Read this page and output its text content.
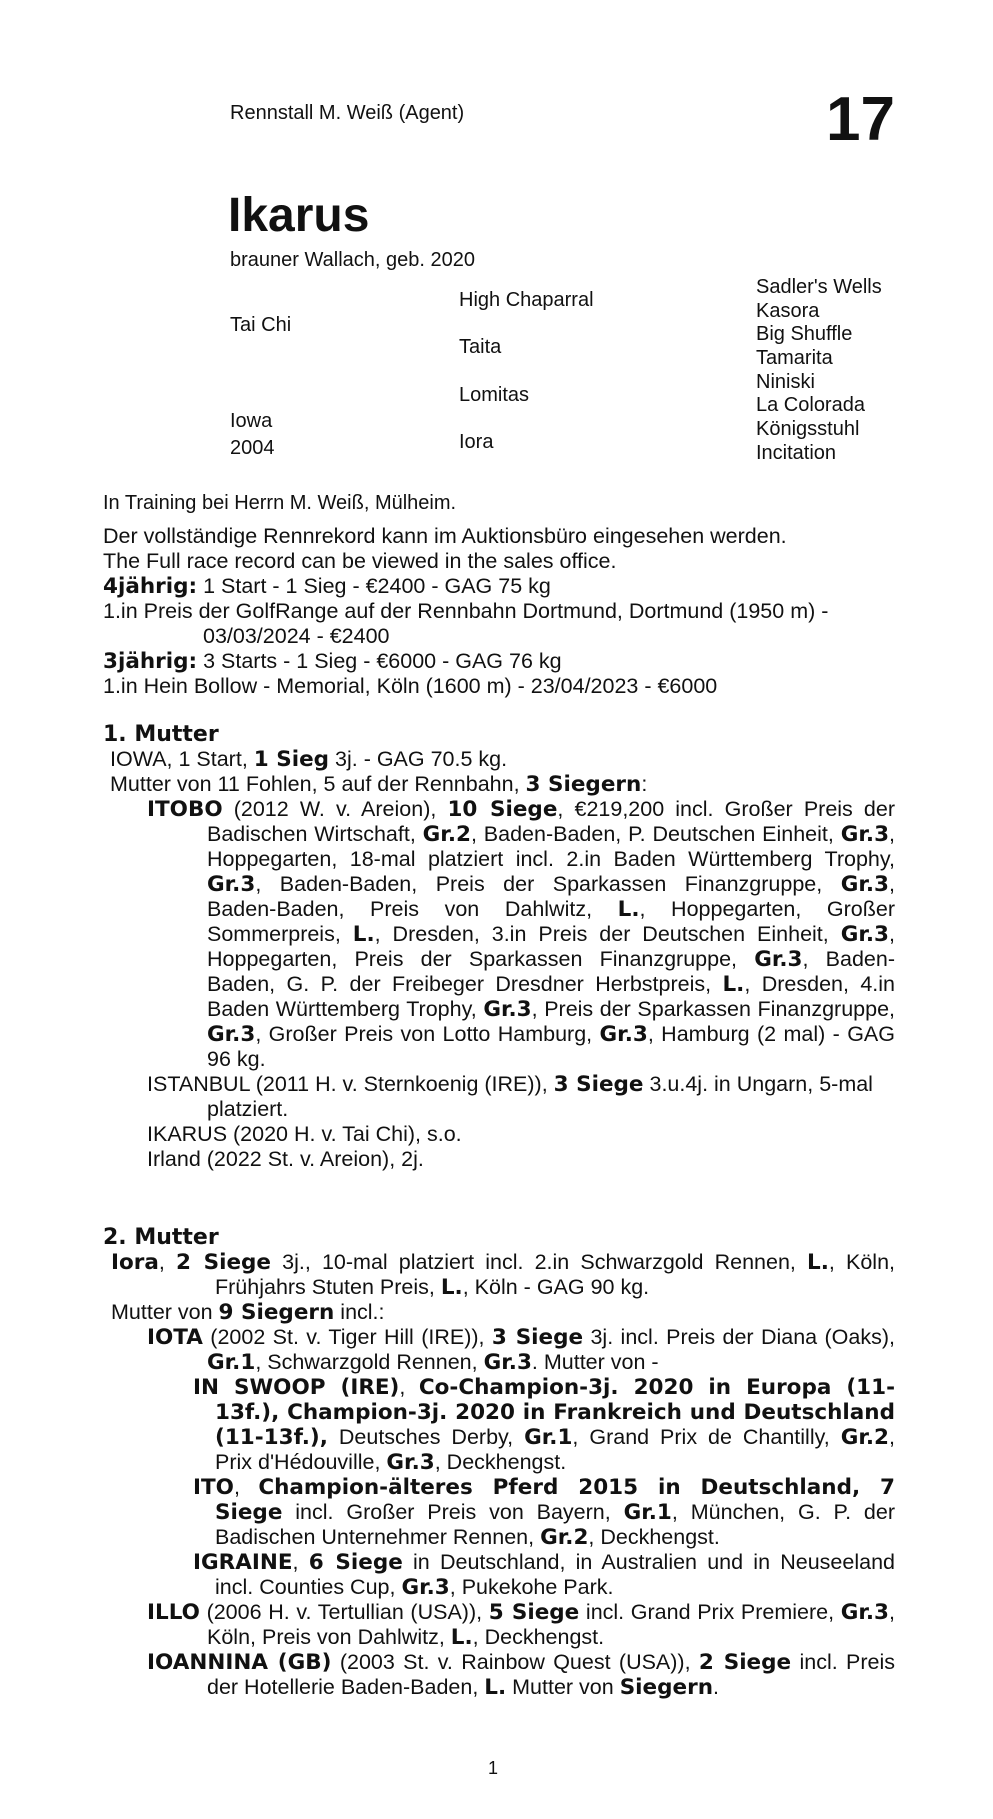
Rennstall M. Weiß (Agent)	17
Ikarus
brauner Wallach, geb. 2020
Tai Chi
Iowa
2004
High Chaparral
Taita
Lomitas
Iora
Sadler's Wells
Kasora
Big Shuffle
Tamarita
Niniski
La Colorada
Königsstuhl
Incitation
In Training bei Herrn M. Weiß, Mülheim.

Der vollständige Rennrekord kann im Auktionsbüro eingesehen werden.

The Full race record can be viewed in the sales office.

4jährig: 1 Start - 1 Sieg - €2400 - GAG 75 kg

1.in Preis der GolfRange auf der Rennbahn Dortmund, Dortmund (1950 m) - 03/03/2024 - €2400

3jährig: 3 Starts - 1 Sieg - €6000 - GAG 76 kg

1.in Hein Bollow - Memorial, Köln (1600 m) - 23/04/2023 - €6000

1. Mutter

IOWA, 1 Start, 1 Sieg 3j. - GAG 70.5 kg.

Mutter von 11 Fohlen, 5 auf der Rennbahn, 3 Siegern:

ITOBO (2012 W. v. Areion), 10 Siege, €219,200 incl. Großer Preis der Badischen Wirtschaft, Gr.2, Baden-Baden, P. Deutschen Einheit, Gr.3, Hoppegarten, 18-mal platziert incl. 2.in Baden Württemberg Trophy, Gr.3, Baden-Baden, Preis der Sparkassen Finanzgruppe, Gr.3, Baden-Baden, Preis von Dahlwitz, L., Hoppegarten, Großer Sommerpreis, L., Dresden, 3.in Preis der Deutschen Einheit, Gr.3, Hoppegarten, Preis der Sparkassen Finanzgruppe, Gr.3, Baden-Baden, G. P. der Freibeger Dresdner Herbstpreis, L., Dresden, 4.in Baden Württemberg Trophy, Gr.3, Preis der Sparkassen Finanzgruppe, Gr.3, Großer Preis von Lotto Hamburg, Gr.3, Hamburg (2 mal) - GAG 96 kg.

ISTANBUL (2011 H. v. Sternkoenig (IRE)), 3 Siege 3.u.4j. in Ungarn, 5-mal platziert.

IKARUS (2020 H. v. Tai Chi), s.o.

Irland (2022 St. v. Areion), 2j.

2. Mutter

Iora, 2 Siege 3j., 10-mal platziert incl. 2.in Schwarzgold Rennen, L., Köln, Frühjahrs Stuten Preis, L., Köln - GAG 90 kg.

Mutter von 9 Siegern incl.:

IOTA (2002 St. v. Tiger Hill (IRE)), 3 Siege 3j. incl. Preis der Diana (Oaks), Gr.1, Schwarzgold Rennen, Gr.3. Mutter von -

IN SWOOP (IRE), Co-Champion-3j. 2020 in Europa (11-13f.), Champion-3j. 2020 in Frankreich und Deutschland (11-13f.), Deutsches Derby, Gr.1, Grand Prix de Chantilly, Gr.2, Prix d'Hédouville, Gr.3, Deckhengst.

ITO, Champion-älteres Pferd 2015 in Deutschland, 7 Siege incl. Großer Preis von Bayern, Gr.1, München, G. P. der Badischen Unternehmer Rennen, Gr.2, Deckhengst.

IGRAINE, 6 Siege in Deutschland, in Australien und in Neuseeland incl. Counties Cup, Gr.3, Pukekohe Park.

ILLO (2006 H. v. Tertullian (USA)), 5 Siege incl. Grand Prix Premiere, Gr.3, Köln, Preis von Dahlwitz, L., Deckhengst.

IOANNINA (GB) (2003 St. v. Rainbow Quest (USA)), 2 Siege incl. Preis der Hotellerie Baden-Baden, L. Mutter von Siegern.

1
